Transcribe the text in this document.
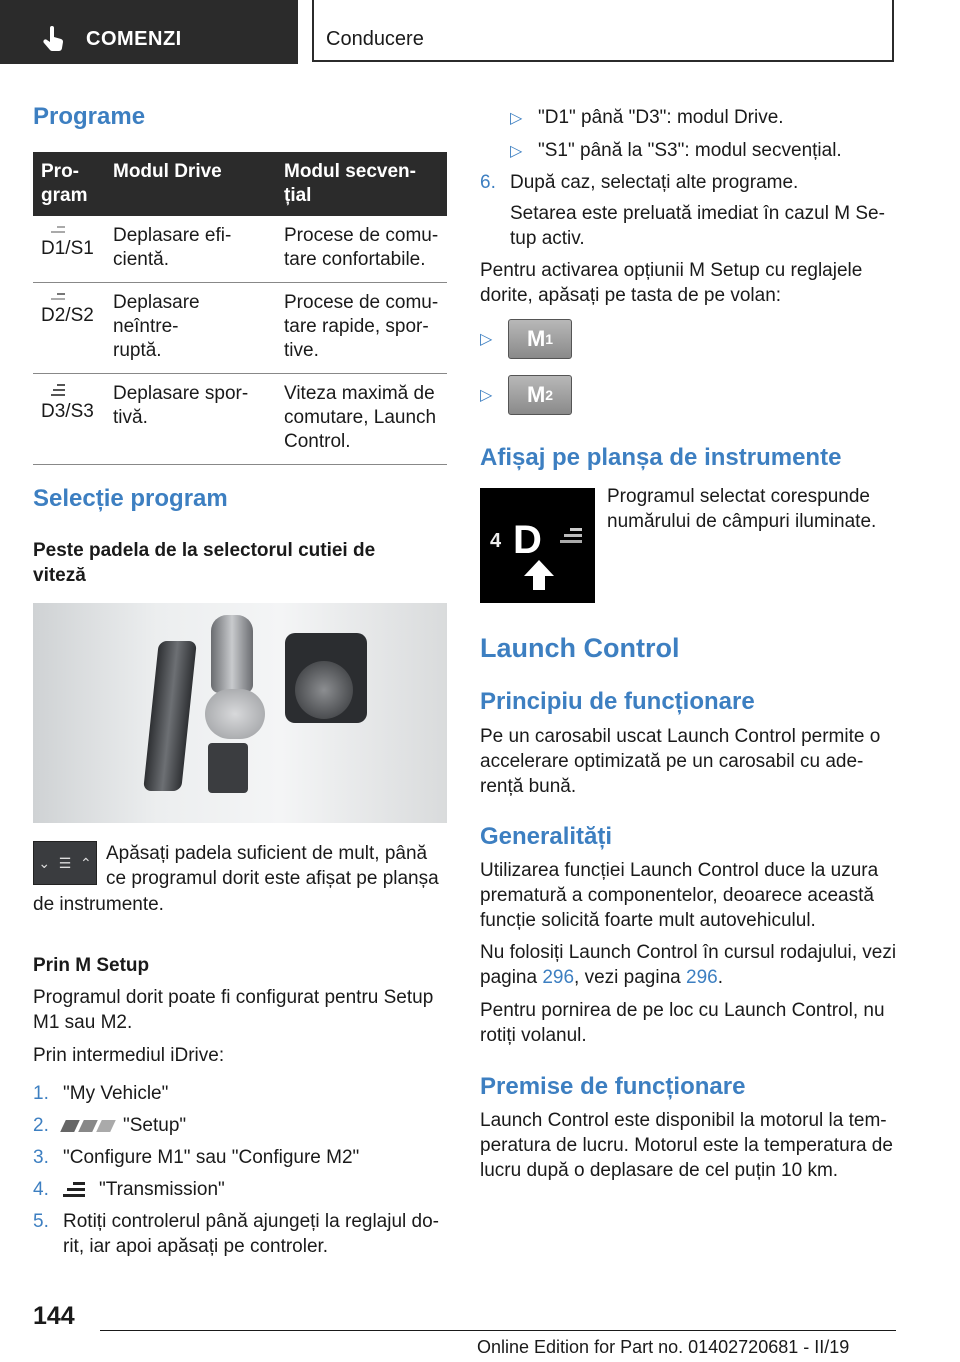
COMENZI	Conducere
Programe
Pro-
gram	Modul Drive	Modul secven-
țial

D1/S1	Deplasare efi-
cientă.	Procese de comu-
tare confortabile.

D2/S2	Deplasare neîntre-
ruptă.	Procese de comu-
tare rapide, spor-
tive.

D3/S3	Deplasare spor-
tivă.	Viteza maximă de
comutare, Launch
Control.
Selecție program
Peste padela de la selectorul cutiei de
viteză
⌄ ☰ ⌃ Apăsați padela suficient de mult, până
ce programul dorit este afișat pe planșa
de instrumente.
Prin M Setup
Programul dorit poate fi configurat pentru Setup
M1 sau M2.
Prin intermediul iDrive:
1. "My Vehicle"
2.	"Setup"
3. "Configure M1" sau "Configure M2"
4.	"Transmission"
5. Rotiți controlerul până ajungeți la reglajul do-
rit, iar apoi apăsați pe controler.
▷ "D1" până "D3": modul Drive.
▷ "S1" până la "S3": modul secvențial.
6. După caz, selectați alte programe.
Setarea este preluată imediat în cazul M Se-
tup activ.
Pentru activarea opțiunii M Setup cu reglajele
dorite, apăsați pe tasta de pe volan:
▷	M 1
▷	M 2
Afișaj pe planșa de instrumente
4 D
Programul selectat corespunde
numărului de câmpuri iluminate.
Launch Control
Principiu de funcționare
Pe un carosabil uscat Launch Control permite o
accelerare optimizată pe un carosabil cu ade-
rență bună.
Generalități
Utilizarea funcției Launch Control duce la uzura
prematură a componentelor, deoarece această
funcție solicită foarte mult autovehiculul.
Nu folosiți Launch Control în cursul rodajului, vezi
pagina 296, vezi pagina 296.
Pentru pornirea de pe loc cu Launch Control, nu
rotiți volanul.
Premise de funcționare
Launch Control este disponibil la motorul la tem-
peratura de lucru. Motorul este la temperatura de
lucru după o deplasare de cel puțin 10 km.
144
Online Edition for Part no. 01402720681 - II/19
